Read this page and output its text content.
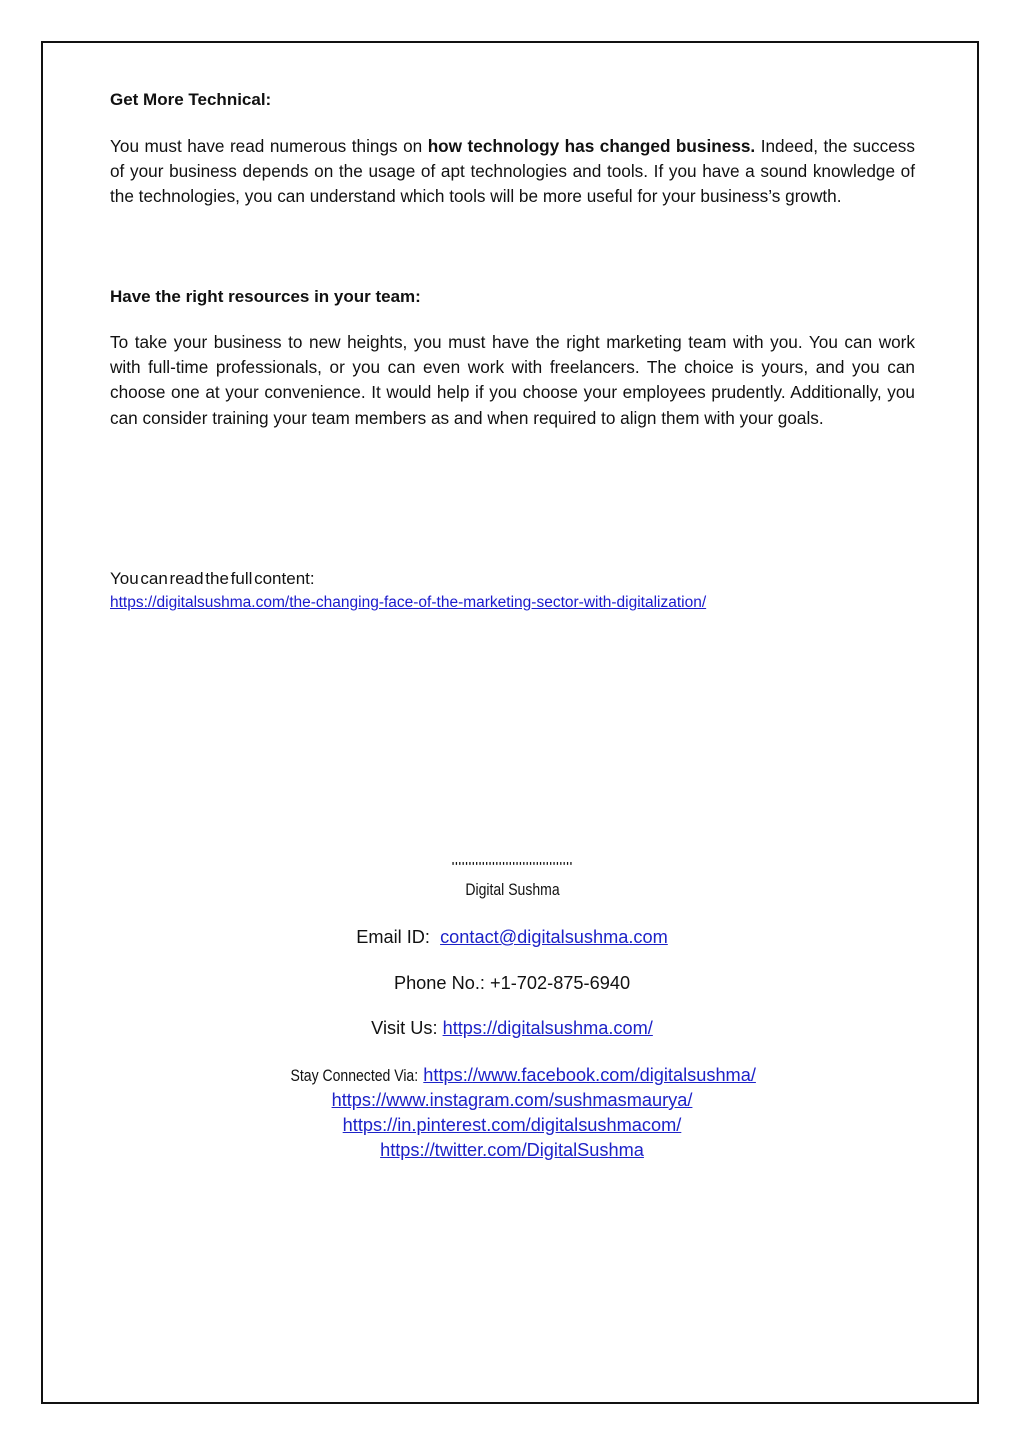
Get More Technical:

You must have read numerous things on how technology has changed business. Indeed, the success of your business depends on the usage of apt technologies and tools. If you have a sound knowledge of the technologies, you can understand which tools will be more useful for your business’s growth.

Have the right resources in your team:

To take your business to new heights, you must have the right marketing team with you. You can work with full-time professionals, or you can even work with freelancers. The choice is yours, and you can choose one at your convenience. It would help if you choose your employees prudently. Additionally, you can consider training your team members as and when required to align them with your goals.

You can read the full content:
https://digitalsushma.com/the-changing-face-of-the-marketing-sector-with-digitalization/
''''''''''''''''''''''''''''''''''''
Digital Sushma
Email ID: contact@digitalsushma.com
Phone No.: +1-702-875-6940
Visit Us: https://digitalsushma.com/
Stay Connected Via: https://www.facebook.com/digitalsushma/
https://www.instagram.com/sushmasmaurya/
https://in.pinterest.com/digitalsushmacom/
https://twitter.com/DigitalSushma
